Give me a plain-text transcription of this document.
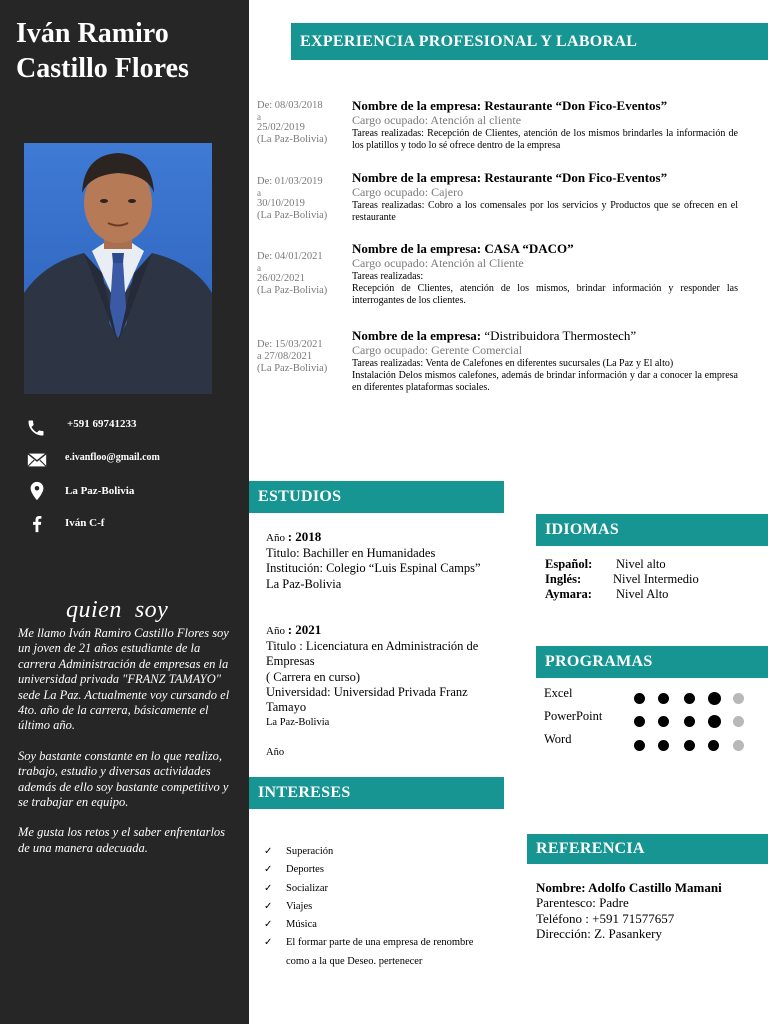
Iván Ramiro
Castillo Flores
+591 69741233
e.ivanfloo@gmail.com
La Paz-Bolivia
Iván C-f
quien  soy

Me llamo Iván Ramiro Castillo Flores soy un joven de 21 años estudiante de la carrera Administración de empresas en la universidad privada "FRANZ TAMAYO" sede La Paz. Actualmente voy cursando el 4to. año de la carrera, básicamente el último año.

Soy bastante constante en lo que realizo, trabajo, estudio y diversas actividades además de ello soy bastante competitivo y se trabajar en equipo.

Me gusta los retos y el saber enfrentarlos de una manera adecuada.

EXPERIENCIA PROFESIONAL Y LABORAL
De: 08/03/2018
a
25/02/2019
(La Paz-Bolivia)
Nombre de la empresa: Restaurante “Don Fico-Eventos”
Cargo ocupado: Atención al cliente
Tareas realizadas: Recepción de Clientes, atención de los mismos brindarles la información de los platillos y todo lo sé ofrece dentro de la empresa
De: 01/03/2019
a
30/10/2019
(La Paz-Bolivia)
Nombre de la empresa: Restaurante “Don Fico-Eventos”
Cargo ocupado: Cajero
Tareas realizadas: Cobro a los comensales por los servicios y Productos que se ofrecen en el restaurante
De: 04/01/2021
a
26/02/2021
(La Paz-Bolivia)
Nombre de la empresa: CASA “DACO”
Cargo ocupado: Atención al Cliente
Tareas realizadas:
Recepción de Clientes, atención de los mismos, brindar información y responder las interrogantes de los clientes.
De: 15/03/2021
a 27/08/2021
(La Paz-Bolivia)
Nombre de la empresa: “Distribuidora Thermostech”
Cargo ocupado: Gerente Comercial
Tareas realizadas: Venta de Calefones en diferentes sucursales (La Paz y El alto)
Instalación Delos mismos calefones, además de brindar información y dar a conocer la empresa en diferentes plataformas sociales.
ESTUDIOS
Año : 2018
Titulo: Bachiller en Humanidades
Institución: Colegio “Luis Espinal Camps”
La Paz-Bolivia
Año : 2021
Titulo : Licenciatura en Administración de Empresas
( Carrera en curso)
Universidad: Universidad Privada Franz Tamayo
La Paz-Bolivia
Año
INTERESES
✓ Superación
✓ Deportes
✓ Socializar
✓ Viajes
✓ Música
✓ El formar parte de una empresa de renombre como a la que Deseo. pertenecer
IDIOMAS
Español: Nivel alto
Inglés:	Nivel Intermedio
Aymara: Nivel Alto
PROGRAMAS
Excel
PowerPoint
Word
REFERENCIA
Nombre: Adolfo Castillo Mamani
Parentesco: Padre
Teléfono : +591 71577657
Dirección: Z. Pasankery
